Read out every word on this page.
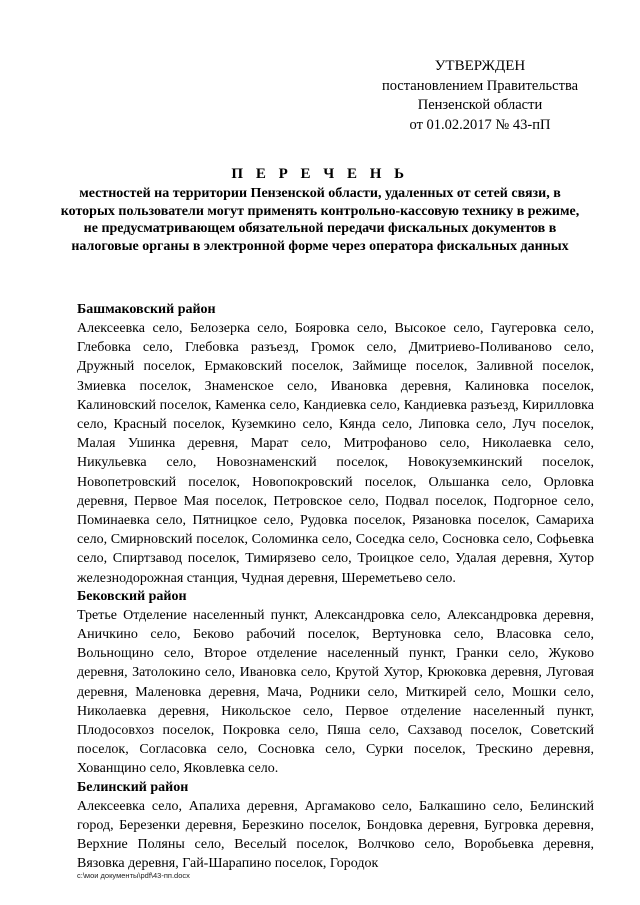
УТВЕРЖДЕН
постановлением Правительства
Пензенской области
от 01.02.2017 № 43-пП
П Е Р Е Ч Е Н Ь
местностей на территории Пензенской области, удаленных от сетей связи, в которых пользователи могут применять контрольно-кассовую технику в режиме, не предусматривающем обязательной передачи фискальных документов в налоговые органы в электронной форме через оператора фискальных данных

Башмаковский район

Алексеевка село, Белозерка село, Бояровка село, Высокое село, Гаугеровка село, Глебовка село, Глебовка разъезд, Громок село, Дмитриево-Поливаново село, Дружный поселок, Ермаковский поселок, Займище поселок, Заливной поселок, Змиевка поселок, Знаменское село, Ивановка деревня, Калиновка поселок, Калиновский поселок, Каменка село, Кандиевка село, Кандиевка разъезд, Кирилловка село, Красный поселок, Куземкино село, Кянда село, Липовка село, Луч поселок, Малая Ушинка деревня, Марат село, Митрофаново село, Николаевка село, Никульевка село, Новознаменский поселок, Новокуземкинский поселок, Новопетровский поселок, Новопокровский поселок, Ольшанка село, Орловка деревня, Первое Мая поселок, Петровское село, Подвал поселок, Подгорное село, Поминаевка село, Пятницкое село, Рудовка поселок, Рязановка поселок, Самариха село, Смирновский поселок, Соломинка село, Соседка село, Сосновка село, Софьевка село, Спиртзавод поселок, Тимирязево село, Троицкое село, Удалая деревня, Хутор железнодорожная станция, Чудная деревня, Шереметьево село.

Бековский район

Третье Отделение населенный пункт, Александровка село, Александровка деревня, Аничкино село, Беково рабочий поселок, Вертуновка село, Власовка село, Вольнощино село, Второе отделение населенный пункт, Гранки село, Жуково деревня, Затолокино село, Ивановка село, Крутой Хутор, Крюковка деревня, Луговая деревня, Маленовка деревня, Мача, Родники село, Миткирей село, Мошки село, Николаевка деревня, Никольское село, Первое отделение населенный пункт, Плодосовхоз поселок, Покровка село, Пяша село, Сахзавод поселок, Советский поселок, Согласовка село, Сосновка село, Сурки поселок, Трескино деревня, Хованщино село, Яковлевка село.

Белинский район

Алексеевка село, Апалиха деревня, Аргамаково село, Балкашино село, Белинский город, Березенки деревня, Березкино поселок, Бондовка деревня, Бугровка деревня, Верхние Поляны село, Веселый поселок, Волчково село, Воробьевка деревня, Вязовка деревня, Гай-Шарапино поселок, Городок

c:\мои документы\pdf\43-пп.docx
